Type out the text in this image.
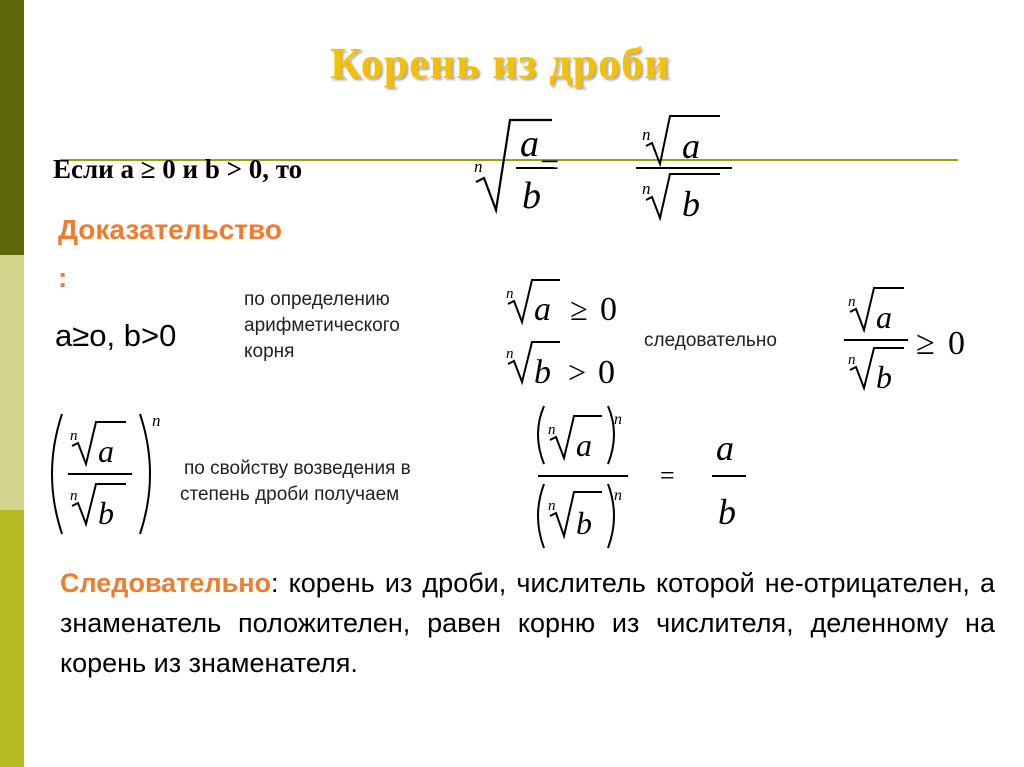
Корень из дроби
Если a ≥ 0 и b > 0, то	n
a
b
=
n a
n b
Доказательство
:
a≥o, b>0
по определению
арифметического
корня
n a ≥ 0
n b > 0
следовательно
n a
n b
≥ 0
n
n a
n b
по свойству возведения в
степень дроби получаем
n
n a
n
n b
=
a
b
Следовательно: корень из дроби, числитель которой не-отрицателен, а знаменатель положителен, равен корню из числителя, деленному на корень из знаменателя.
